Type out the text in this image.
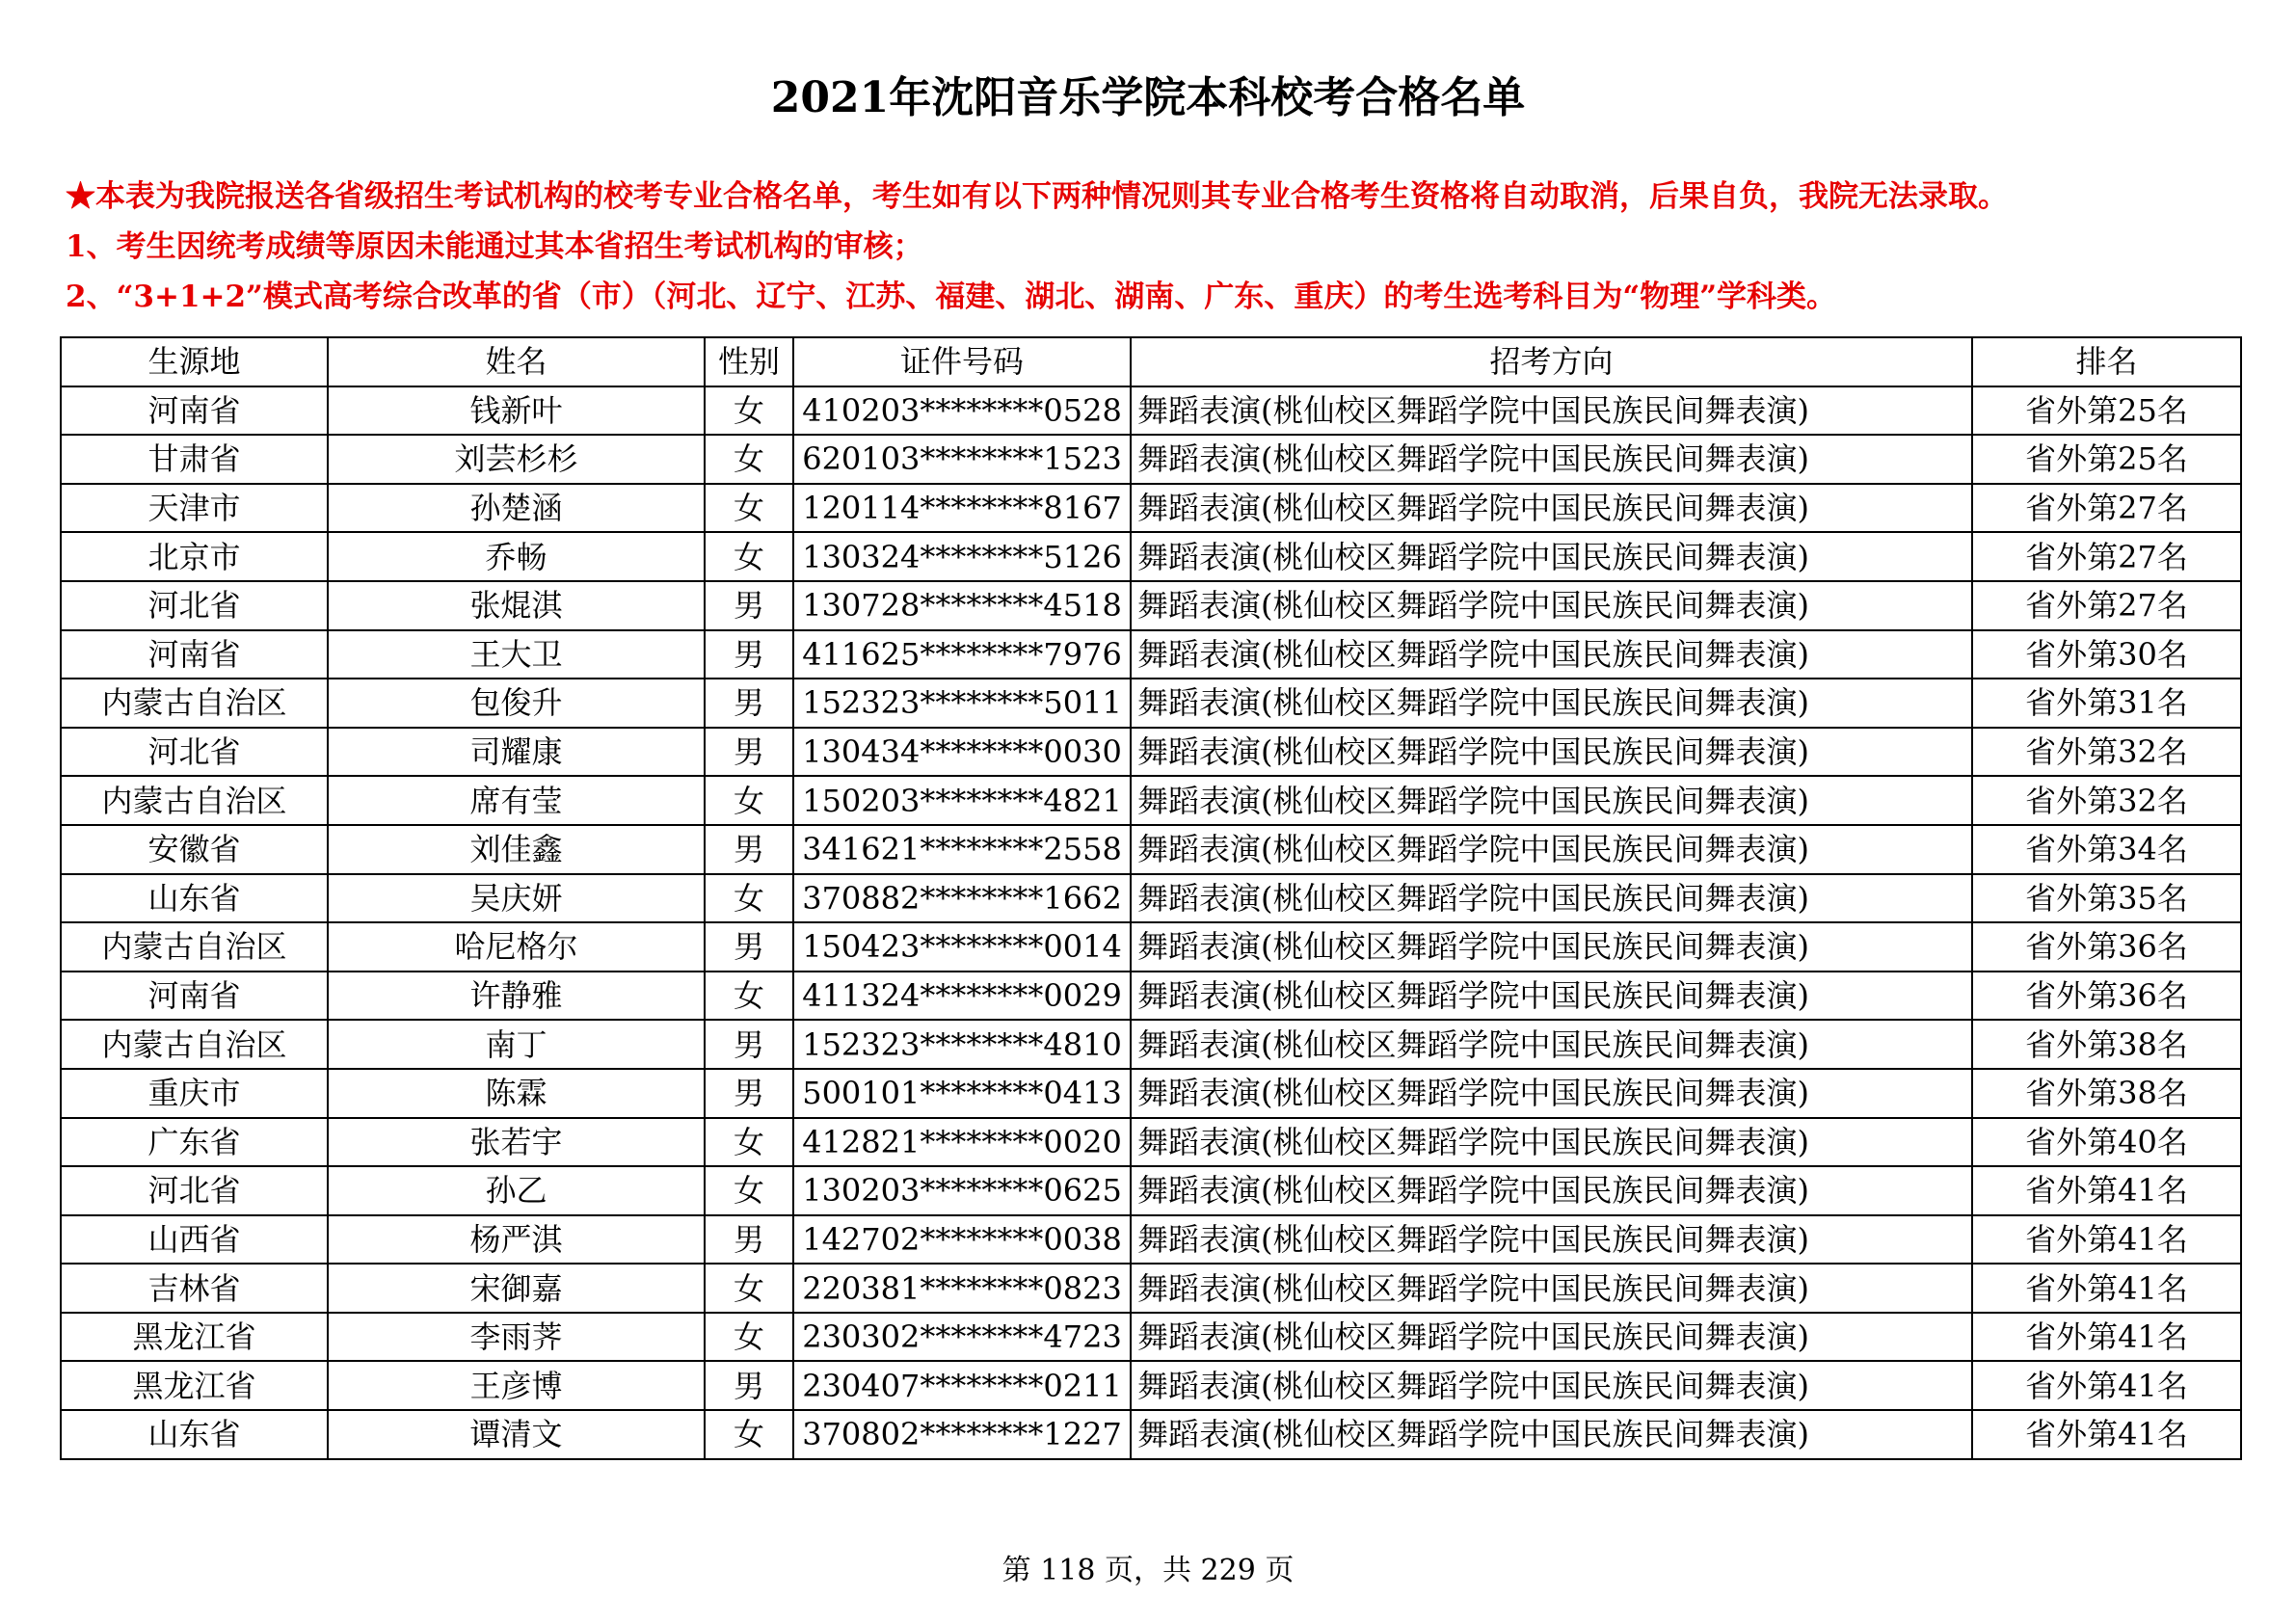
2021年沈阳音乐学院本科校考合格名单
★本表为我院报送各省级招生考试机构的校考专业合格名单，考生如有以下两种情况则其专业合格考生资格将自动取消，后果自负，我院无法录取。
1、考生因统考成绩等原因未能通过其本省招生考试机构的审核；
2、“3+1+2”模式高考综合改革的省（市）（河北、辽宁、江苏、福建、湖北、湖南、广东、重庆）的考生选考科目为“物理”学科类。
生源地	姓名	性别	证件号码	招考方向	排名
河南省	钱新叶	女	410203********0528	舞蹈表演(桃仙校区舞蹈学院中国民族民间舞表演)	省外第25名
甘肃省	刘芸杉杉	女	620103********1523	舞蹈表演(桃仙校区舞蹈学院中国民族民间舞表演)	省外第25名
天津市	孙楚涵	女	120114********8167	舞蹈表演(桃仙校区舞蹈学院中国民族民间舞表演)	省外第27名
北京市	乔畅	女	130324********5126	舞蹈表演(桃仙校区舞蹈学院中国民族民间舞表演)	省外第27名
河北省	张焜淇	男	130728********4518	舞蹈表演(桃仙校区舞蹈学院中国民族民间舞表演)	省外第27名
河南省	王大卫	男	411625********7976	舞蹈表演(桃仙校区舞蹈学院中国民族民间舞表演)	省外第30名
内蒙古自治区	包俊升	男	152323********5011	舞蹈表演(桃仙校区舞蹈学院中国民族民间舞表演)	省外第31名
河北省	司耀康	男	130434********0030	舞蹈表演(桃仙校区舞蹈学院中国民族民间舞表演)	省外第32名
内蒙古自治区	席有莹	女	150203********4821	舞蹈表演(桃仙校区舞蹈学院中国民族民间舞表演)	省外第32名
安徽省	刘佳鑫	男	341621********2558	舞蹈表演(桃仙校区舞蹈学院中国民族民间舞表演)	省外第34名
山东省	吴庆妍	女	370882********1662	舞蹈表演(桃仙校区舞蹈学院中国民族民间舞表演)	省外第35名
内蒙古自治区	哈尼格尔	男	150423********0014	舞蹈表演(桃仙校区舞蹈学院中国民族民间舞表演)	省外第36名
河南省	许静雅	女	411324********0029	舞蹈表演(桃仙校区舞蹈学院中国民族民间舞表演)	省外第36名
内蒙古自治区	南丁	男	152323********4810	舞蹈表演(桃仙校区舞蹈学院中国民族民间舞表演)	省外第38名
重庆市	陈霖	男	500101********0413	舞蹈表演(桃仙校区舞蹈学院中国民族民间舞表演)	省外第38名
广东省	张若宇	女	412821********0020	舞蹈表演(桃仙校区舞蹈学院中国民族民间舞表演)	省外第40名
河北省	孙乙	女	130203********0625	舞蹈表演(桃仙校区舞蹈学院中国民族民间舞表演)	省外第41名
山西省	杨严淇	男	142702********0038	舞蹈表演(桃仙校区舞蹈学院中国民族民间舞表演)	省外第41名
吉林省	宋御嘉	女	220381********0823	舞蹈表演(桃仙校区舞蹈学院中国民族民间舞表演)	省外第41名
黑龙江省	李雨荠	女	230302********4723	舞蹈表演(桃仙校区舞蹈学院中国民族民间舞表演)	省外第41名
黑龙江省	王彦博	男	230407********0211	舞蹈表演(桃仙校区舞蹈学院中国民族民间舞表演)	省外第41名
山东省	谭清文	女	370802********1227	舞蹈表演(桃仙校区舞蹈学院中国民族民间舞表演)	省外第41名
第 118 页，共 229 页
